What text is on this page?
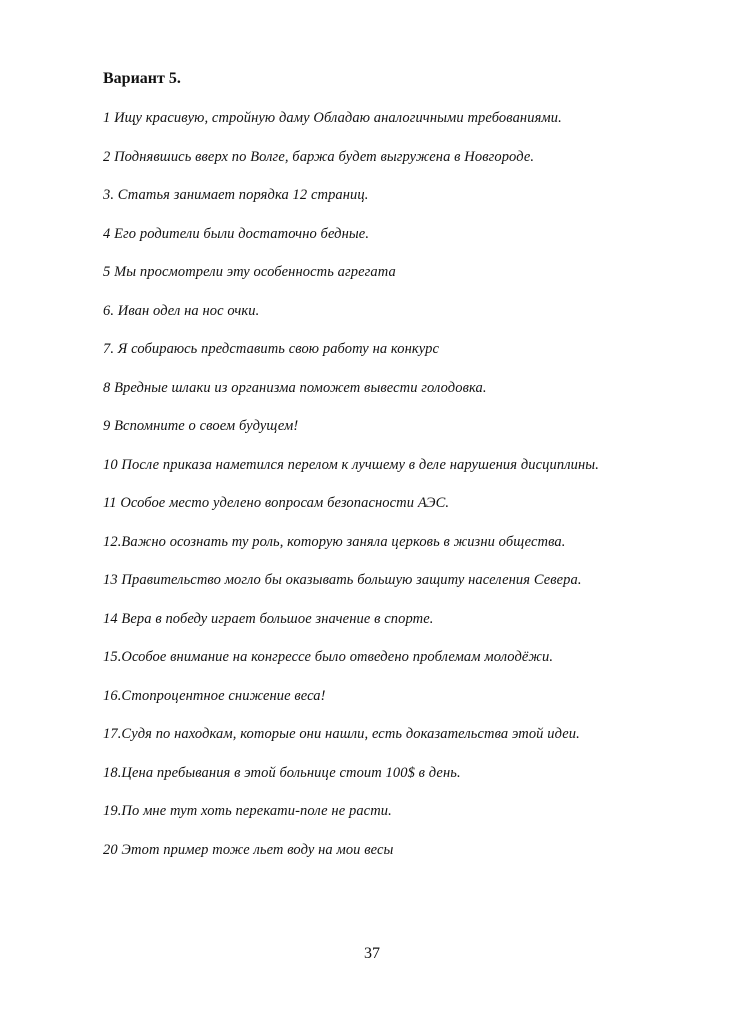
Вариант 5.
1 Ищу красивую, стройную даму Обладаю аналогичными требованиями.
2 Поднявшись вверх по Волге, баржа будет выгружена в Новгороде.
3. Статья занимает порядка 12 страниц.
4 Его родители были достаточно бедные.
5 Мы просмотрели эту особенность агрегата
6. Иван одел на нос очки.
7. Я собираюсь представить свою работу на конкурс
8 Вредные шлаки из организма поможет вывести голодовка.
9 Вспомните о своем будущем!
10 После приказа наметился перелом к лучшему в деле нарушения дисциплины.
11 Особое место уделено вопросам безопасности АЭС.
12.Важно осознать ту роль, которую заняла церковь в жизни общества.
13 Правительство могло бы оказывать большую защиту населения Севера.
14 Вера в победу играет большое значение в спорте.
15.Особое внимание на конгрессе было отведено проблемам молодёжи.
16.Стопроцентное снижение веса!
17.Судя по находкам, которые они нашли, есть доказательства этой идеи.
18.Цена пребывания в этой больнице стоит 100$ в день.
19.По мне тут хоть перекати-поле не расти.
20 Этот пример тоже льет воду на мои весы
37
